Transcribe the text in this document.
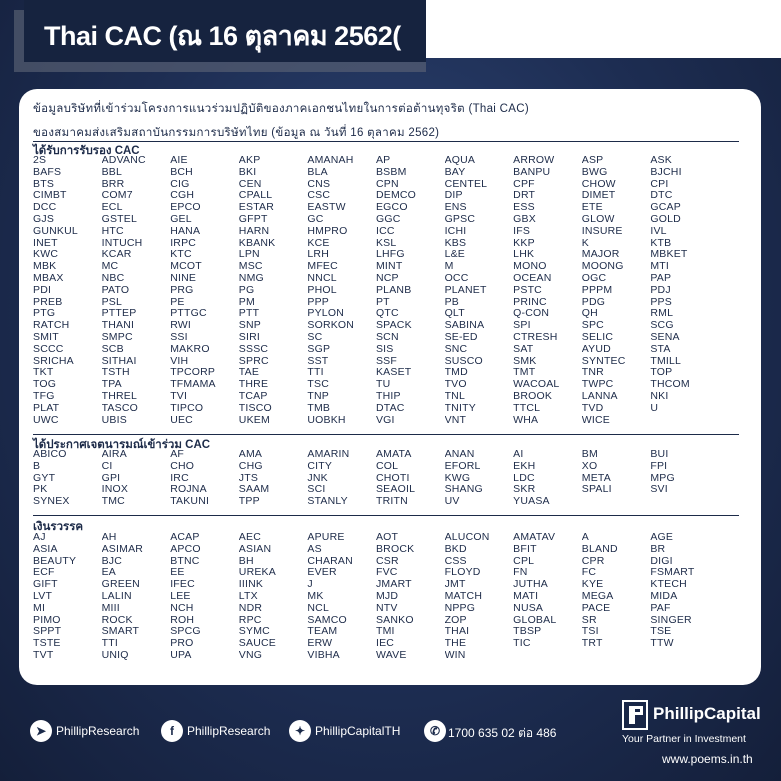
Thai CAC (ณ 16 ตุลาคม 2562(
ข้อมูลบริษัทที่เข้าร่วมโครงการแนวร่วมปฏิบัติของภาคเอกชนไทยในการต่อต้านทุจริต (Thai CAC)
ของสมาคมส่งเสริมสถาบันกรรมการบริษัทไทย (ข้อมูล ณ วันที่ 16 ตุลาคม 2562)
ได้รับการรับรอง CAC
2S	ADVANC	AIE	AKP	AMANAH	AP	AQUA	ARROW	ASP	ASK
BAFS	BBL	BCH	BKI	BLA	BSBM	BAY	BANPU	BWG	BJCHI
BTS	BRR	CIG	CEN	CNS	CPN	CENTEL	CPF	CHOW	CPI
CIMBT	COM7	CGH	CPALL	CSC	DEMCO	DIP	DRT	DIMET	DTC
DCC	ECL	EPCO	ESTAR	EASTW	EGCO	ENS	ESS	ETE	GCAP
GJS	GSTEL	GEL	GFPT	GC	GGC	GPSC	GBX	GLOW	GOLD
GUNKUL	HTC	HANA	HARN	HMPRO	ICC	ICHI	IFS	INSURE	IVL
INET	INTUCH	IRPC	KBANK	KCE	KSL	KBS	KKP	K	KTB
KWC	KCAR	KTC	LPN	LRH	LHFG	L&E	LHK	MAJOR	MBKET
MBK	MC	MCOT	MSC	MFEC	MINT	M	MONO	MOONG	MTI
MBAX	NBC	NINE	NMG	NNCL	NCP	OCC	OCEAN	OGC	PAP
PDI	PATO	PRG	PG	PHOL	PLANB	PLANET	PSTC	PPPM	PDJ
PREB	PSL	PE	PM	PPP	PT	PB	PRINC	PDG	PPS
PTG	PTTEP	PTTGC	PTT	PYLON	QTC	QLT	Q-CON	QH	RML
RATCH	THANI	RWI	SNP	SORKON	SPACK	SABINA	SPI	SPC	SCG
SMIT	SMPC	SSI	SIRI	SC	SCN	SE-ED	CTRESH	SELIC	SENA
SCCC	SCB	MAKRO	SSSC	SGP	SIS	SNC	SAT	AYUD	STA
SRICHA	SITHAI	VIH	SPRC	SST	SSF	SUSCO	SMK	SYNTEC	TMILL
TKT	TSTH	TPCORP	TAE	TTI	KASET	TMD	TMT	TNR	TOP
TOG	TPA	TFMAMA	THRE	TSC	TU	TVO	WACOAL	TWPC	THCOM
TFG	THREL	TVI	TCAP	TNP	THIP	TNL	BROOK	LANNA	NKI
PLAT	TASCO	TIPCO	TISCO	TMB	DTAC	TNITY	TTCL	TVD	U
UWC	UBIS	UEC	UKEM	UOBKH	VGI	VNT	WHA	WICE
ได้ประกาศเจตนารมณ์เข้าร่วม CAC
ABICO	AIRA	AF	AMA	AMARIN	AMATA	ANAN	AI	BM	BUI
B	CI	CHO	CHG	CITY	COL	EFORL	EKH	XO	FPI
GYT	GPI	IRC	JTS	JNK	CHOTI	KWG	LDC	META	MPG
PK	INOX	ROJNA	SAAM	SCI	SEAOIL	SHANG	SKR	SPALI	SVI
SYNEX	TMC	TAKUNI	TPP	STANLY	TRITN	UV	YUASA
เงินรวรรค
AJ	AH	ACAP	AEC	APURE	AOT	ALUCON	AMATAV	A	AGE
ASIA	ASIMAR	APCO	ASIAN	AS	BROCK	BKD	BFIT	BLAND	BR
BEAUTY	BJC	BTNC	BH	CHARAN	CSR	CSS	CPL	CPR	DIGI
ECF	EA	EE	UREKA	EVER	FVC	FLOYD	FN	FC	FSMART
GIFT	GREEN	IFEC	IIINK	J	JMART	JMT	JUTHA	KYE	KTECH
LVT	LALIN	LEE	LTX	MK	MJD	MATCH	MATI	MEGA	MIDA
MI	MIII	NCH	NDR	NCL	NTV	NPPG	NUSA	PACE	PAF
PIMO	ROCK	ROH	RPC	SAMCO	SANKO	ZOP	GLOBAL	SR	SINGER
SPPT	SMART	SPCG	SYMC	TEAM	TMI	THAI	TBSP	TSI	TSE
TSTE	TTI	PRO	SAUCE	ERW	IEC	THE	TIC	TRT	TTW
TVT	UNIQ	UPA	VNG	VIBHA	WAVE	WIN
➤ PhillipResearch	f	PhillipResearch	✦ PhillipCapitalTH	✆ 1700 635 02 ต่อ 486
PhillipCapital
Your Partner in Investment
www.poems.in.th
